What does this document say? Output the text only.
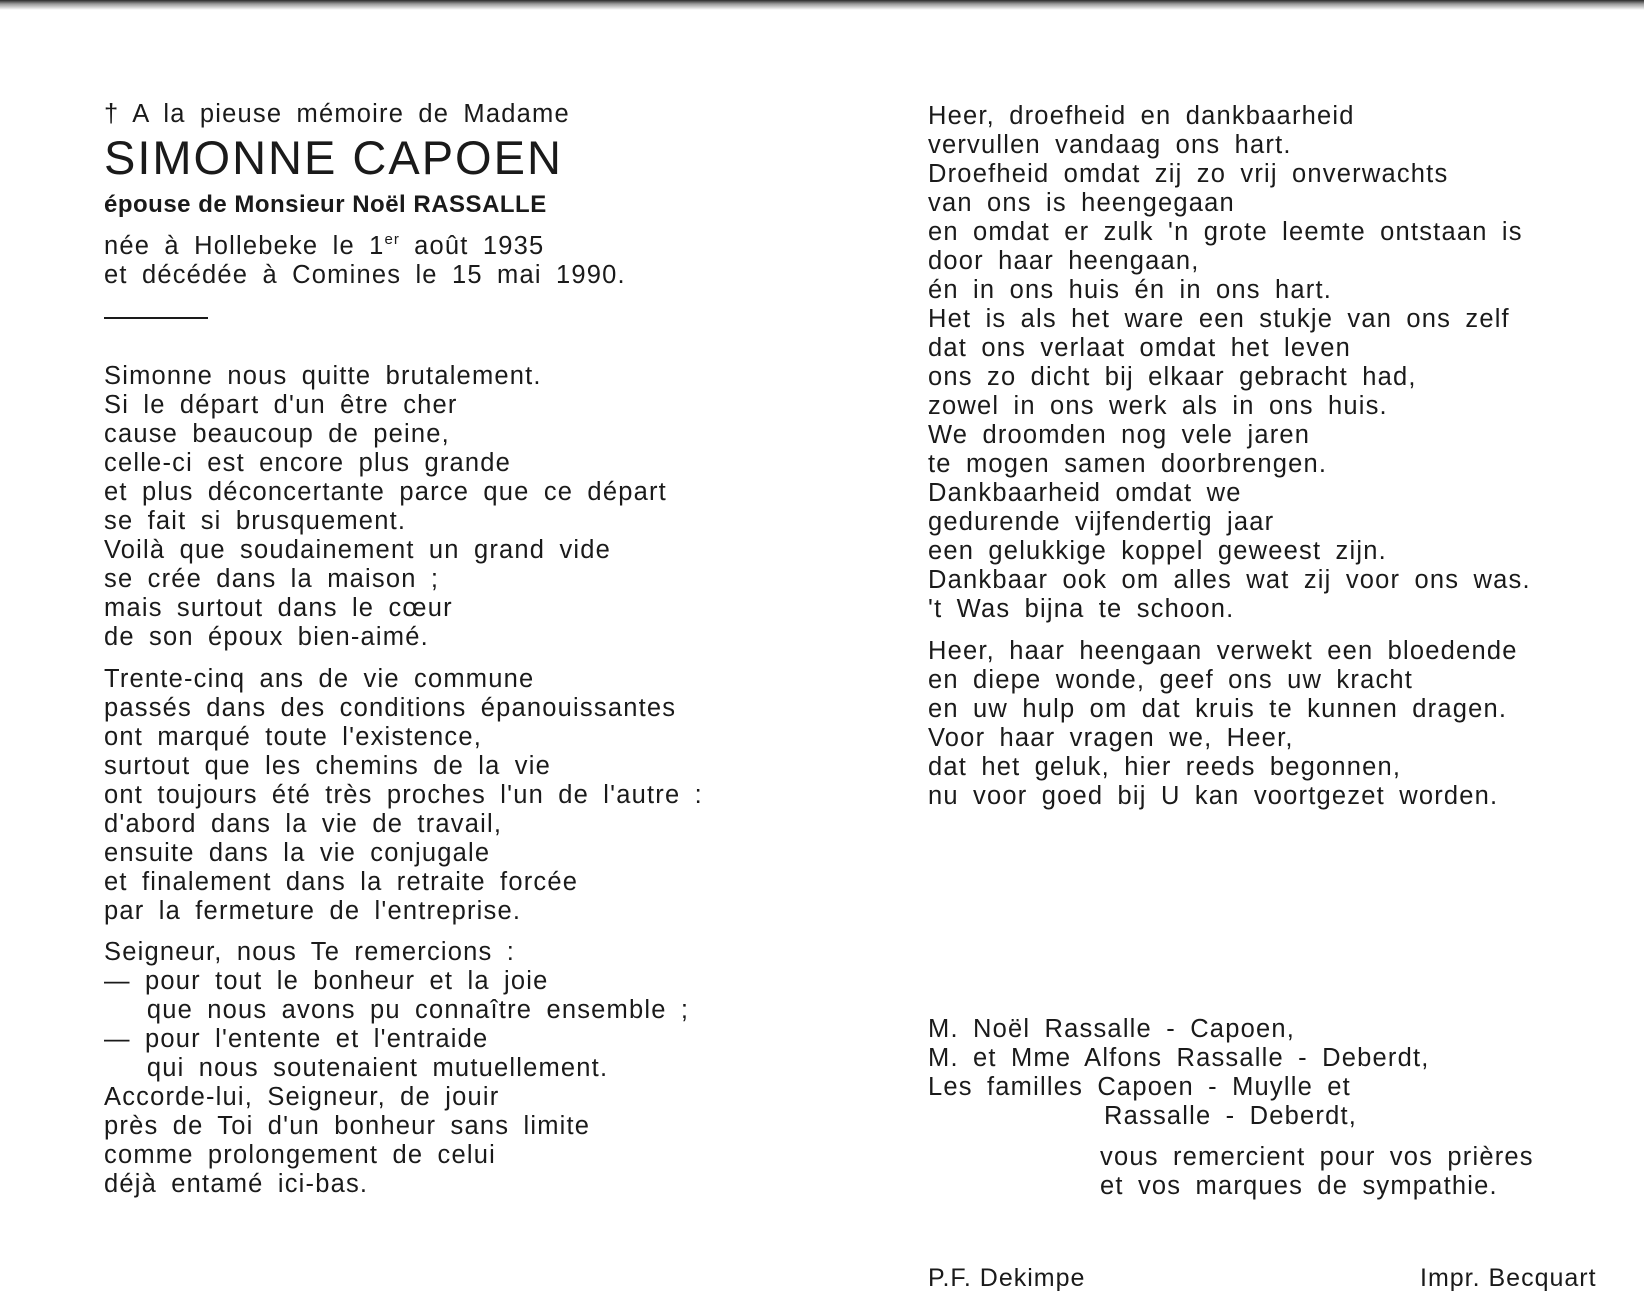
† A la pieuse mémoire de Madame
SIMONNE CAPOEN
épouse de Monsieur Noël RASSALLE
née à Hollebeke le 1er août 1935
et décédée à Comines le 15 mai 1990.
Simonne nous quitte brutalement.
Si le départ d'un être cher
cause beaucoup de peine,
celle-ci est encore plus grande
et plus déconcertante parce que ce départ
se fait si brusquement.
Voilà que soudainement un grand vide
se crée dans la maison ;
mais surtout dans le cœur
de son époux bien-aimé.
Trente-cinq ans de vie commune
passés dans des conditions épanouissantes
ont marqué toute l'existence,
surtout que les chemins de la vie
ont toujours été très proches l'un de l'autre :
d'abord dans la vie de travail,
ensuite dans la vie conjugale
et finalement dans la retraite forcée
par la fermeture de l'entreprise.
Seigneur, nous Te remercions :
— pour tout le bonheur et la joie
que nous avons pu connaître ensemble ;
— pour l'entente et l'entraide
qui nous soutenaient mutuellement.
Accorde-lui, Seigneur, de jouir
près de Toi d'un bonheur sans limite
comme prolongement de celui
déjà entamé ici-bas.
Heer, droefheid en dankbaarheid
vervullen vandaag ons hart.
Droefheid omdat zij zo vrij onverwachts
van ons is heengegaan
en omdat er zulk 'n grote leemte ontstaan is
door haar heengaan,
én in ons huis én in ons hart.
Het is als het ware een stukje van ons zelf
dat ons verlaat omdat het leven
ons zo dicht bij elkaar gebracht had,
zowel in ons werk als in ons huis.
We droomden nog vele jaren
te mogen samen doorbrengen.
Dankbaarheid omdat we
gedurende vijfendertig jaar
een gelukkige koppel geweest zijn.
Dankbaar ook om alles wat zij voor ons was.
't Was bijna te schoon.
Heer, haar heengaan verwekt een bloedende
en diepe wonde, geef ons uw kracht
en uw hulp om dat kruis te kunnen dragen.
Voor haar vragen we, Heer,
dat het geluk, hier reeds begonnen,
nu voor goed bij U kan voortgezet worden.
M. Noël Rassalle - Capoen,
M. et Mme Alfons Rassalle - Deberdt,
Les familles Capoen - Muylle et
Rassalle - Deberdt,
vous remercient pour vos prières
et vos marques de sympathie.
P.F. Dekimpe	Impr. Becquart
